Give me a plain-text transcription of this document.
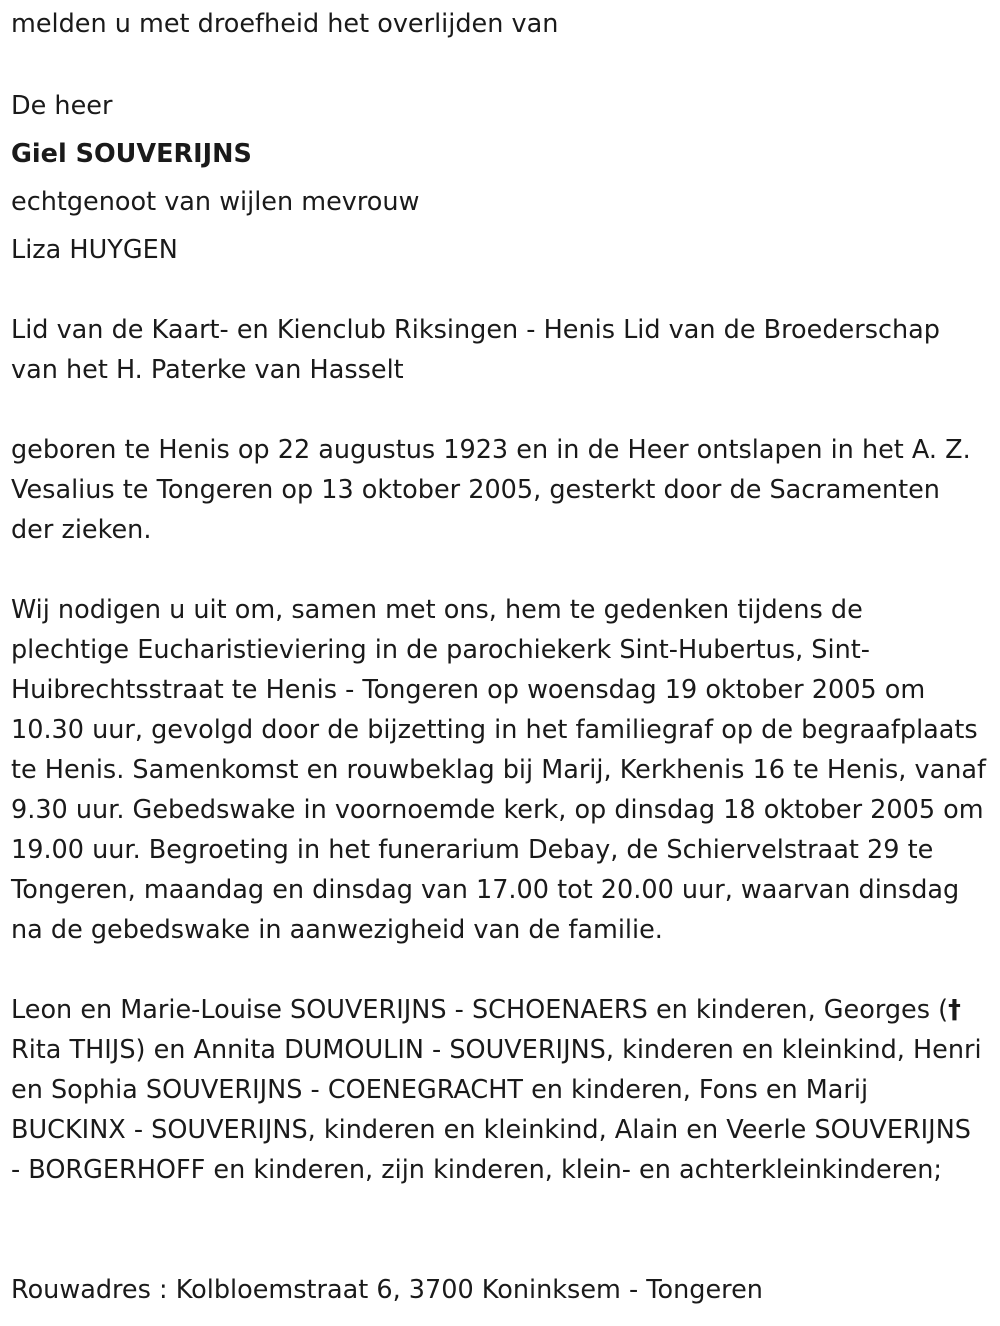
melden u met droefheid het overlijden van

De heer

Giel SOUVERIJNS

echtgenoot van wijlen mevrouw

Liza HUYGEN

Lid van de Kaart- en Kienclub Riksingen - Henis Lid van de Broederschap van het H. Paterke van Hasselt

geboren te Henis op 22 augustus 1923 en in de Heer ontslapen in het A. Z. Vesalius te Tongeren op 13 oktober 2005, gesterkt door de Sacramenten der zieken.

Wij nodigen u uit om, samen met ons, hem te gedenken tijdens de plechtige Eucharistieviering in de parochiekerk Sint-Hubertus, Sint-Huibrechtsstraat te Henis - Tongeren op woensdag 19 oktober 2005 om 10.30 uur, gevolgd door de bijzetting in het familiegraf op de begraafplaats te Henis. Samenkomst en rouwbeklag bij Marij, Kerkhenis 16 te Henis, vanaf 9.30 uur. Gebedswake in voornoemde kerk, op dinsdag 18 oktober 2005 om 19.00 uur. Begroeting in het funerarium Debay, de Schiervelstraat 29 te Tongeren, maandag en dinsdag van 17.00 tot 20.00 uur, waarvan dinsdag na de gebedswake in aanwezigheid van de familie.

Leon en Marie-Louise SOUVERIJNS - SCHOENAERS en kinderen, Georges († Rita THIJS) en Annita DUMOULIN - SOUVERIJNS, kinderen en kleinkind, Henri en Sophia SOUVERIJNS - COENEGRACHT en kinderen, Fons en Marij BUCKINX - SOUVERIJNS, kinderen en kleinkind, Alain en Veerle SOUVERIJNS - BORGERHOFF en kinderen, zijn kinderen, klein- en achterkleinkinderen;

Rouwadres : Kolbloemstraat 6, 3700 Koninksem - Tongeren
